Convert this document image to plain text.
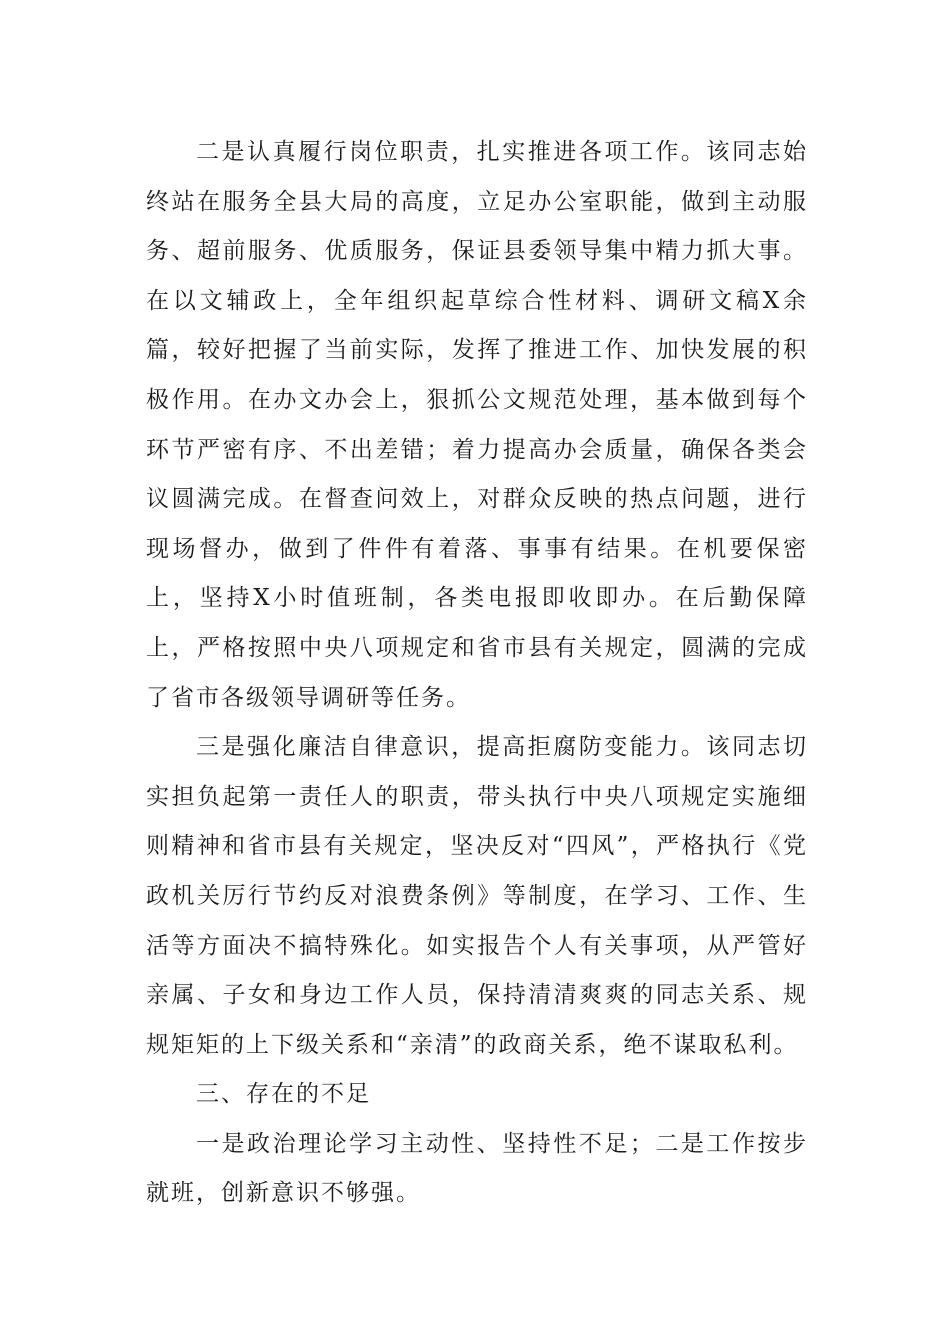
二是认真履行岗位职责，扎实推进各项工作。该同志始终站在服务全县大局的高度，立足办公室职能，做到主动服务、超前服务、优质服务，保证县委领导集中精力抓大事。在以文辅政上，全年组织起草综合性材料、调研文稿X余篇，较好把握了当前实际，发挥了推进工作、加快发展的积极作用。在办文办会上，狠抓公文规范处理，基本做到每个环节严密有序、不出差错；着力提高办会质量，确保各类会议圆满完成。在督查问效上，对群众反映的热点问题，进行现场督办，做到了件件有着落、事事有结果。在机要保密上，坚持X小时值班制，各类电报即收即办。在后勤保障上，严格按照中央八项规定和省市县有关规定，圆满的完成了省市各级领导调研等任务。

三是强化廉洁自律意识，提高拒腐防变能力。该同志切实担负起第一责任人的职责，带头执行中央八项规定实施细则精神和省市县有关规定，坚决反对“四风”，严格执行《党政机关厉行节约反对浪费条例》等制度，在学习、工作、生活等方面决不搞特殊化。如实报告个人有关事项，从严管好亲属、子女和身边工作人员，保持清清爽爽的同志关系、规规矩矩的上下级关系和“亲清”的政商关系，绝不谋取私利。

三、存在的不足

一是政治理论学习主动性、坚持性不足；二是工作按步就班，创新意识不够强。
